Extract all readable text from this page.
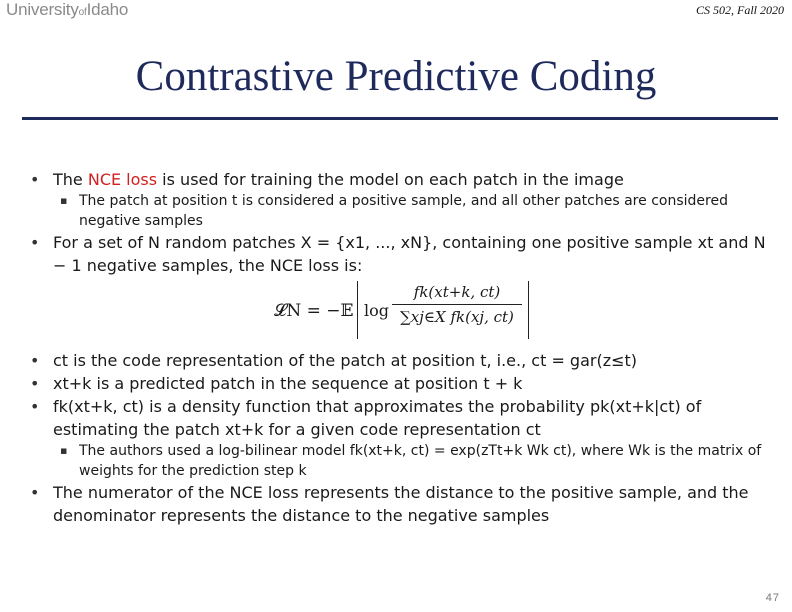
UniversityofIdaho	CS 502, Fall 2020
Contrastive Predictive Coding
• The NCE loss is used for training the model on each patch in the image
▪ The patch at position t is considered a positive sample, and all other patches are considered negative samples
• For a set of N random patches X = {x1, ..., xN}, containing one positive sample xt and N − 1 negative samples, the NCE loss is:
𝓛N = −𝔼 log
fk(xt+k, ct)
∑xj∈X fk(xj, ct)
• ct is the code representation of the patch at position t, i.e., ct = gar(z≤t)
• xt+k is a predicted patch in the sequence at position t + k
• fk(xt+k, ct) is a density function that approximates the probability pk(xt+k|ct) of estimating the patch xt+k for a given code representation ct
▪ The authors used a log-bilinear model fk(xt+k, ct) = exp(zTt+k Wk ct), where Wk is the matrix of weights for the prediction step k
• The numerator of the NCE loss represents the distance to the positive sample, and the denominator represents the distance to the negative samples
47
